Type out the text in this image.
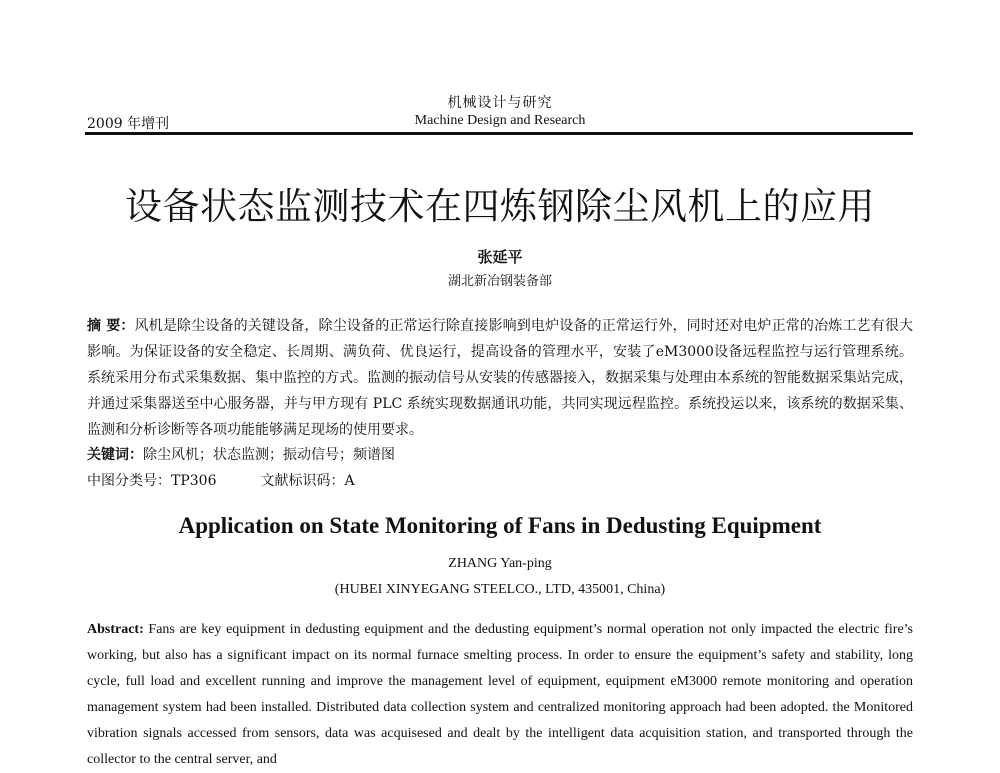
机械设计与研究
2009 年增刊	Machine Design and Research
设备状态监测技术在四炼钢除尘风机上的应用
张延平
湖北新冶钢装备部
摘 要：风机是除尘设备的关键设备，除尘设备的正常运行除直接影响到电炉设备的正常运行外，同时还对电炉正常的冶炼工艺有很大影响。为保证设备的安全稳定、长周期、满负荷、优良运行，提高设备的管理水平，安装了eM3000设备远程监控与运行管理系统。系统采用分布式采集数据、集中监控的方式。监测的振动信号从安装的传感器接入，数据采集与处理由本系统的智能数据采集站完成，并通过采集器送至中心服务器，并与甲方现有 PLC 系统实现数据通讯功能，共同实现远程监控。系统投运以来，该系统的数据采集、监测和分析诊断等各项功能能够满足现场的使用要求。
关键词：除尘风机；状态监测；振动信号；频谱图
中图分类号：TP306	文献标识码：A
Application on State Monitoring of Fans in Dedusting Equipment
ZHANG Yan-ping
(HUBEI XINYEGANG STEELCO., LTD, 435001, China)
Abstract: Fans are key equipment in dedusting equipment and the dedusting equipment’s normal operation not only impacted the electric fire’s working, but also has a significant impact on its normal furnace smelting process. In order to ensure the equipment’s safety and stability, long cycle, full load and excellent running and improve the management level of equipment, equipment eM3000 remote monitoring and operation management system had been installed. Distributed data collection system and centralized monitoring approach had been adopted. the Monitored vibration signals accessed from sensors, data was acquisesed and dealt by the intelligent data acquisition station, and transported through the collector to the central server, and
